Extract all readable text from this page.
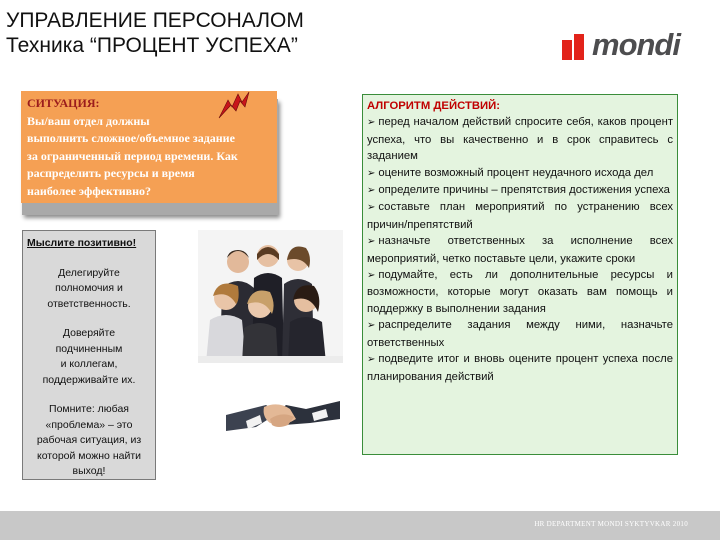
УПРАВЛЕНИЕ ПЕРСОНАЛОМ
Техника “ПРОЦЕНТ УСПЕХА”	mondi
СИТУАЦИЯ:
Вы/ваш отдел должны
выполнить сложное/объемное задание
за ограниченный период времени. Как
распределить ресурсы и время
наиболее эффективно?

Мыслите позитивно!

Делегируйте
полномочия и
ответственность.

Доверяйте
подчиненным
и коллегам,
поддерживайте их.

Помните: любая
«проблема» – это
рабочая ситуация, из
которой можно найти
выход!

АЛГОРИТМ ДЕЙСТВИЙ:

➢ перед началом действий спросите себя, каков процент успеха, что вы качественно и в срок справитесь с заданием

➢ оцените возможный процент неудачного исхода дел

➢ определите причины – препятствия достижения успеха

➢ составьте план мероприятий по устранению всех причин/препятствий

➢ назначьте ответственных за исполнение всех мероприятий, четко поставьте цели, укажите сроки

➢ подумайте, есть ли дополнительные ресурсы и возможности, которые могут оказать вам помощь и поддержку в выполнении задания

➢ распределите задания между ними, назначьте ответственных

➢ подведите итог и вновь оцените процент успеха после планирования действий

HR DEPARTMENT MONDI SYKTYVKAR 2010
